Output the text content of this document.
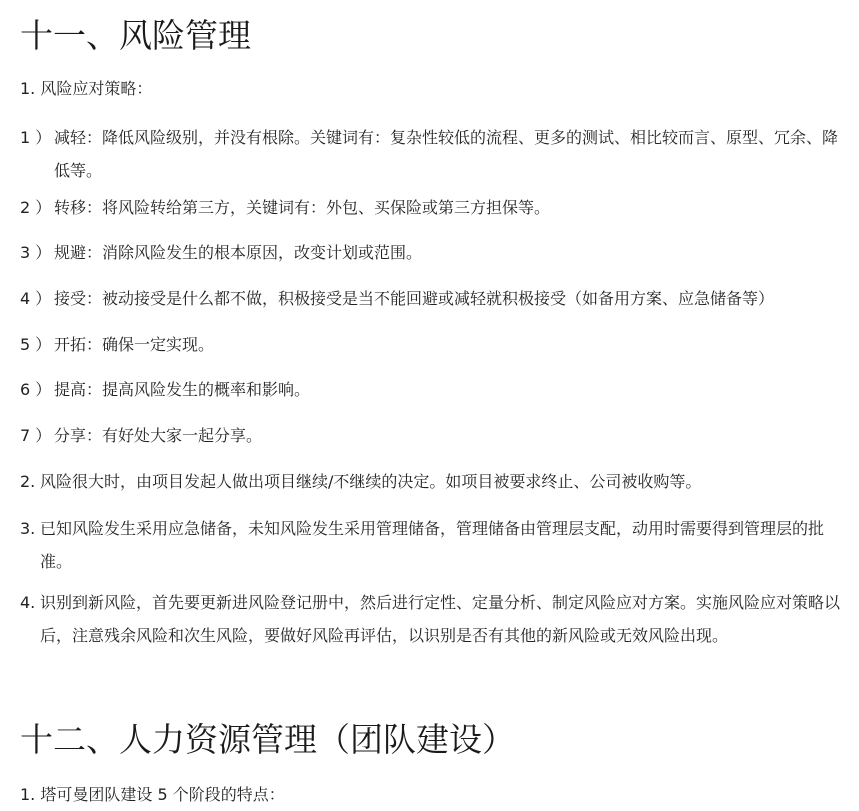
十一、风险管理
1. 风险应对策略：
1 ） 减轻：降低风险级别，并没有根除。关键词有：复杂性较低的流程、更多的测试、相比较而言、原型、冗余、降低等。
2 ） 转移：将风险转给第三方，关键词有：外包、买保险或第三方担保等。
3 ） 规避：消除风险发生的根本原因，改变计划或范围。
4 ） 接受：被动接受是什么都不做，积极接受是当不能回避或减轻就积极接受（如备用方案、应急储备等）
5 ） 开拓：确保一定实现。
6 ） 提高：提高风险发生的概率和影响。
7 ） 分享：有好处大家一起分享。
2. 风险很大时，由项目发起人做出项目继续/不继续的决定。如项目被要求终止、公司被收购等。
3. 已知风险发生采用应急储备，未知风险发生采用管理储备，管理储备由管理层支配，动用时需要得到管理层的批准。
4. 识别到新风险，首先要更新进风险登记册中，然后进行定性、定量分析、制定风险应对方案。实施风险应对策略以后，注意残余风险和次生风险，要做好风险再评估，以识别是否有其他的新风险或无效风险出现。
十二、人力资源管理（团队建设）
1. 塔可曼团队建设 5 个阶段的特点：
